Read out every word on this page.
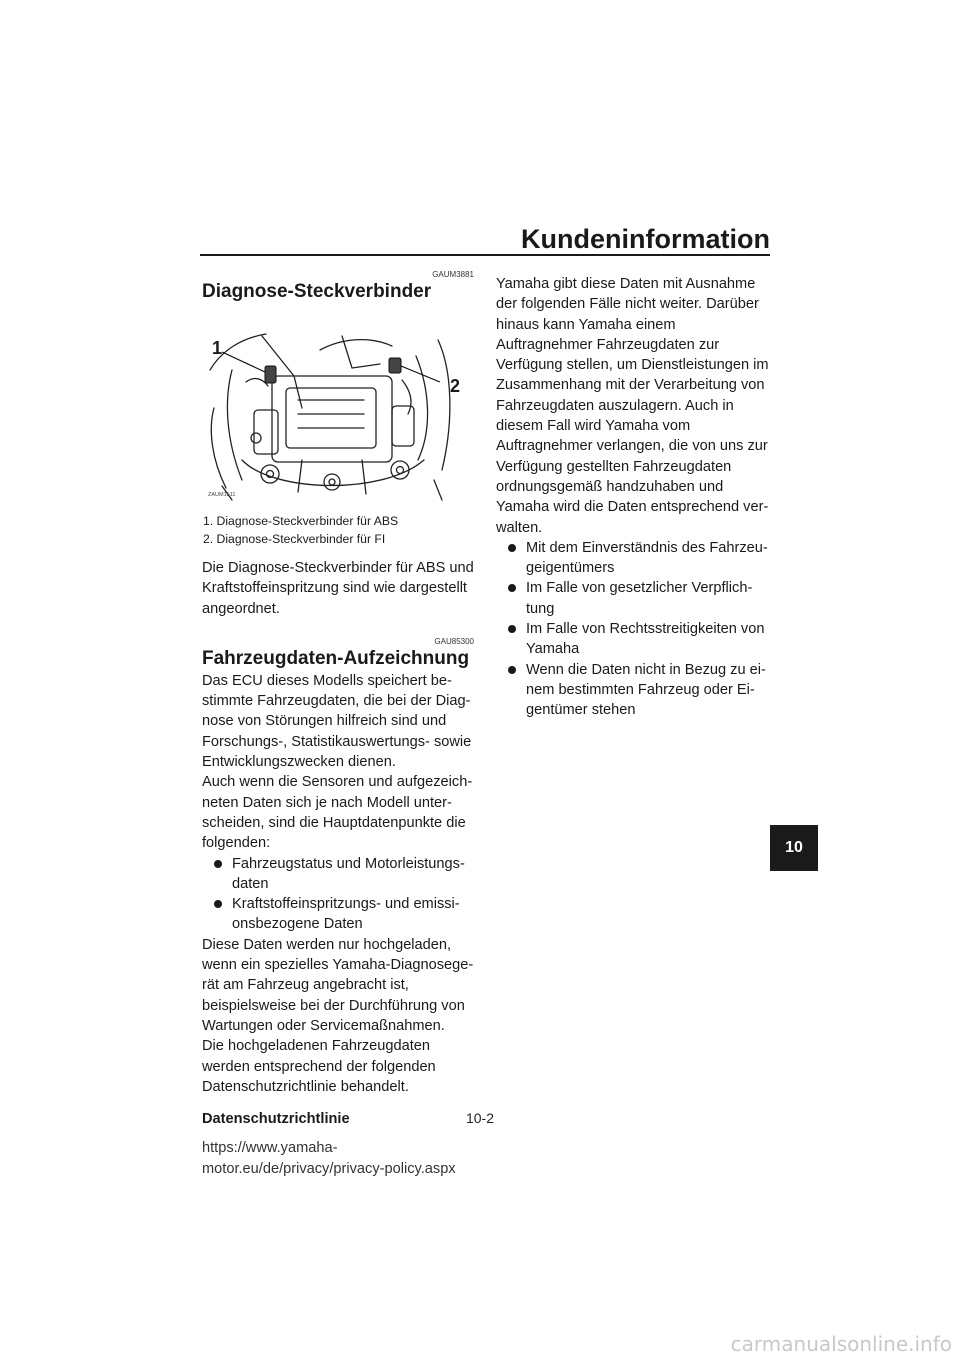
Kundeninformation
GAUM3881
Diagnose-Steckverbinder
1
2
ZAUM1511
1. Diagnose-Steckverbinder für ABS
2. Diagnose-Steckverbinder für FI

Die Diagnose-Steckverbinder für ABS und Kraftstoffeinspritzung sind wie dargestellt angeordnet.

GAU85300
Fahrzeugdaten-Aufzeichnung

Das ECU dieses Modells speichert bestimmte Fahrzeugdaten, die bei der Diagnose von Störungen hilfreich sind und Forschungs-, Statistikauswertungs- sowie Entwicklungszwecken dienen.

Auch wenn die Sensoren und aufgezeichneten Daten sich je nach Modell unterscheiden, sind die Hauptdatenpunkte die folgenden:

Fahrzeugstatus und Motorleistungsdaten
Kraftstoffeinspritzungs- und emissionsbezogene Daten

Diese Daten werden nur hochgeladen, wenn ein spezielles Yamaha-Diagnosegerät am Fahrzeug angebracht ist, beispielsweise bei der Durchführung von Wartungen oder Servicemaßnahmen.

Die hochgeladenen Fahrzeugdaten werden entsprechend der folgenden Datenschutzrichtlinie behandelt.

Datenschutzrichtlinie
https://www.yamaha-motor.eu/de/privacy/privacy-policy.aspx

Yamaha gibt diese Daten mit Ausnahme der folgenden Fälle nicht weiter. Darüber hinaus kann Yamaha einem Auftragnehmer Fahrzeugdaten zur Verfügung stellen, um Dienstleistungen im Zusammenhang mit der Verarbeitung von Fahrzeugdaten auszulagern. Auch in diesem Fall wird Yamaha vom Auftragnehmer verlangen, die von uns zur Verfügung gestellten Fahrzeugdaten ordnungsgemäß handzuhaben und Yamaha wird die Daten entsprechend verwalten.

Mit dem Einverständnis des Fahrzeugeigentümers
Im Falle von gesetzlicher Verpflichtung
Im Falle von Rechtsstreitigkeiten von Yamaha
Wenn die Daten nicht in Bezug zu einem bestimmten Fahrzeug oder Eigentümer stehen
10
10-2
carmanualsonline.info
